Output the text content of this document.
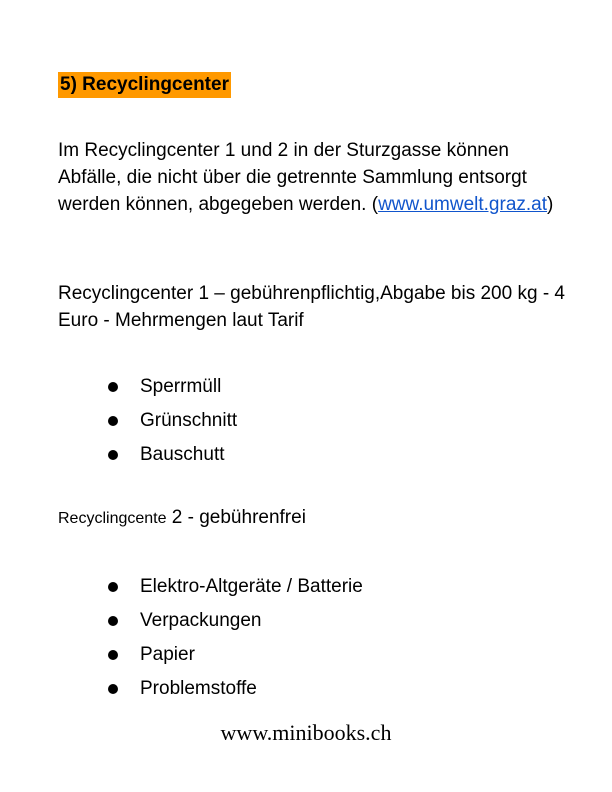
5) Recyclingcenter
Im Recyclingcenter 1 und 2 in der Sturzgasse können Abfälle, die nicht über die getrennte Sammlung entsorgt werden können, abgegeben werden. (www.umwelt.graz.at)
Recyclingcenter 1 – gebührenpflichtig,Abgabe bis 200 kg - 4 Euro - Mehrmengen laut Tarif
Sperrmüll
Grünschnitt
Bauschutt
Recyclingcente 2 - gebührenfrei
Elektro-Altgeräte / Batterie
Verpackungen
Papier
Problemstoffe
www.minibooks.ch
